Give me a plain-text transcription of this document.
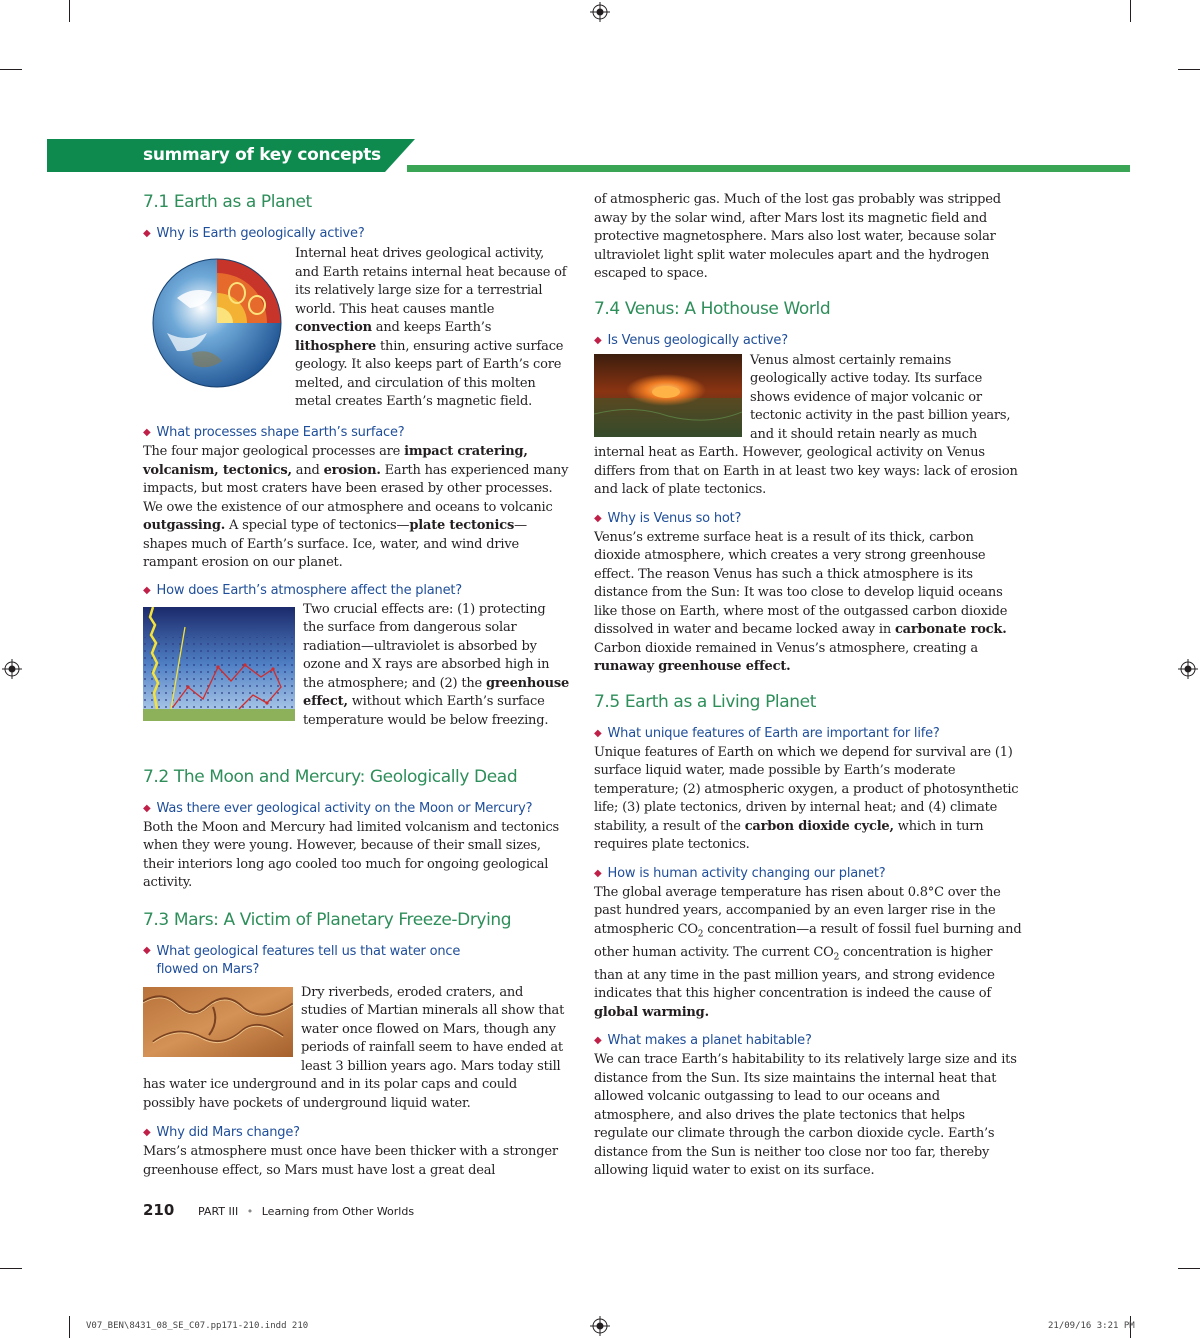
summary of key concepts
7.1 Earth as a Planet
◆ Why is Earth geologically active?
Internal heat drives geological activity, and Earth retains internal heat because of its relatively large size for a terrestrial world. This heat causes mantle convection and keeps Earth’s lithosphere thin, ensuring active surface geology. It also keeps part of Earth’s core melted, and circulation of this molten metal creates Earth’s magnetic field.
◆ What processes shape Earth’s surface?

The four major geological processes are impact cratering, volcanism, tectonics, and erosion. Earth has experienced many impacts, but most craters have been erased by other processes. We owe the existence of our atmosphere and oceans to volcanic outgassing. A special type of tectonics—plate tectonics—shapes much of Earth’s surface. Ice, water, and wind drive rampant erosion on our planet.

◆ How does Earth’s atmosphere affect the planet?
Two crucial effects are: (1) protecting the surface from dangerous solar radiation—ultraviolet is absorbed by ozone and X rays are absorbed high in the atmosphere; and (2) the greenhouse effect, without which Earth’s surface temperature would be below freezing.
7.2 The Moon and Mercury: Geologically Dead
◆ Was there ever geological activity on the Moon or Mercury?

Both the Moon and Mercury had limited volcanism and tectonics when they were young. However, because of their small sizes, their interiors long ago cooled too much for ongoing geological activity.

7.3 Mars: A Victim of Planetary Freeze-Drying
◆ What geological features tell us that water once flowed on Mars?

Dry riverbeds, eroded craters, and studies of Martian minerals all show that water once flowed on Mars, though any periods of rainfall seem to have ended at least 3 billion years ago. Mars today still has water ice underground and in its polar caps and could possibly have pockets of underground liquid water.

◆ Why did Mars change?

Mars’s atmosphere must once have been thicker with a stronger greenhouse effect, so Mars must have lost a great deal

of atmospheric gas. Much of the lost gas probably was stripped away by the solar wind, after Mars lost its magnetic field and protective magnetosphere. Mars also lost water, because solar ultraviolet light split water molecules apart and the hydrogen escaped to space.

7.4 Venus: A Hothouse World
◆ Is Venus geologically active?

Venus almost certainly remains geologically active today. Its surface shows evidence of major volcanic or tectonic activity in the past billion years, and it should retain nearly as much internal heat as Earth. However, geological activity on Venus differs from that on Earth in at least two key ways: lack of erosion and lack of plate tectonics.

◆ Why is Venus so hot?

Venus’s extreme surface heat is a result of its thick, carbon dioxide atmosphere, which creates a very strong greenhouse effect. The reason Venus has such a thick atmosphere is its distance from the Sun: It was too close to develop liquid oceans like those on Earth, where most of the outgassed carbon dioxide dissolved in water and became locked away in carbonate rock. Carbon dioxide remained in Venus’s atmosphere, creating a runaway greenhouse effect.

7.5 Earth as a Living Planet
◆ What unique features of Earth are important for life?

Unique features of Earth on which we depend for survival are (1) surface liquid water, made possible by Earth’s moderate temperature; (2) atmospheric oxygen, a product of photosynthetic life; (3) plate tectonics, driven by internal heat; and (4) climate stability, a result of the carbon dioxide cycle, which in turn requires plate tectonics.

◆ How is human activity changing our planet?

The global average temperature has risen about 0.8°C over the past hundred years, accompanied by an even larger rise in the atmospheric $CO_2$ concentration—a result of fossil fuel burning and other human activity. The current $CO_2$ concentration is higher than at any time in the past million years, and strong evidence indicates that this higher concentration is indeed the cause of global warming.

◆ What makes a planet habitable?

We can trace Earth’s habitability to its relatively large size and its distance from the Sun. Its size maintains the internal heat that allowed volcanic outgassing to lead to our oceans and atmosphere, and also drives the plate tectonics that helps regulate our climate through the carbon dioxide cycle. Earth’s distance from the Sun is neither too close nor too far, thereby allowing liquid water to exist on its surface.

210 PART III • Learning from Other Worlds
V07_BEN\8431_08_SE_C07.pp171-210.indd 210	21/09/16 3:21 PM
